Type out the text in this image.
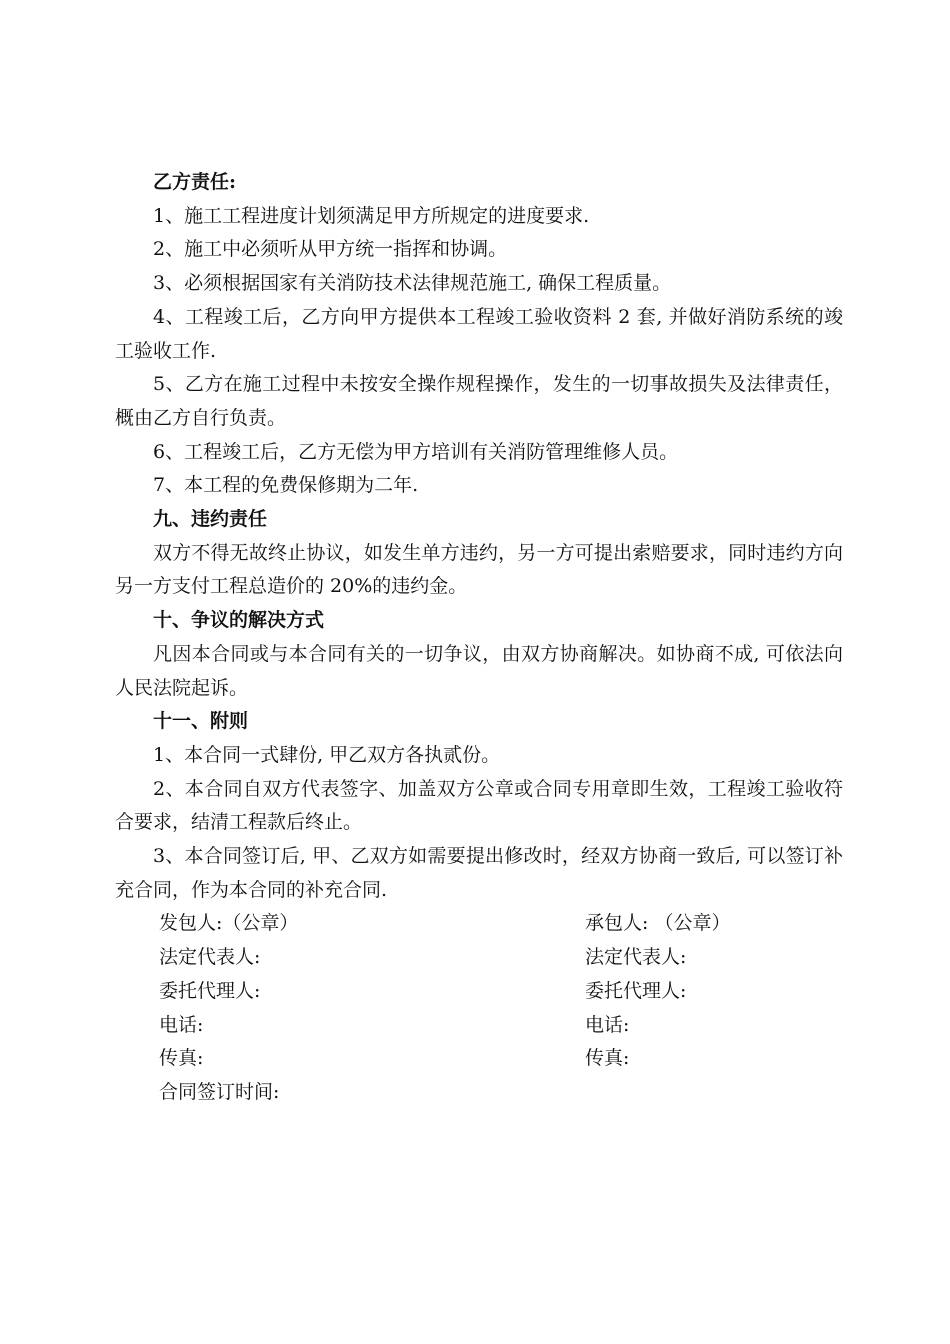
乙方责任:

1、施工工程进度计划须满足甲方所规定的进度要求.

2、施工中必须听从甲方统一指挥和协调。

3、必须根据国家有关消防技术法律规范施工, 确保工程质量。

4、工程竣工后，乙方向甲方提供本工程竣工验收资料 2 套, 并做好消防系统的竣工验收工作.

5、乙方在施工过程中未按安全操作规程操作，发生的一切事故损失及法律责任，概由乙方自行负责。

6、工程竣工后，乙方无偿为甲方培训有关消防管理维修人员。

7、本工程的免费保修期为二年.

九、违约责任

双方不得无故终止协议，如发生单方违约，另一方可提出索赔要求，同时违约方向另一方支付工程总造价的 20%的违约金。

十、争议的解决方式

凡因本合同或与本合同有关的一切争议，由双方协商解决。如协商不成, 可依法向人民法院起诉。

十一、附则

1、本合同一式肆份, 甲乙双方各执贰份。

2、本合同自双方代表签字、加盖双方公章或合同专用章即生效，工程竣工验收符合要求，结清工程款后终止。

3、本合同签订后, 甲、乙双方如需要提出修改时，经双方协商一致后, 可以签订补充合同，作为本合同的补充合同.

发包人:（公章）	承包人: （公章）
法定代表人:	法定代表人:
委托代理人:	委托代理人:
电话:	电话:
传真:	传真:
合同签订时间:
